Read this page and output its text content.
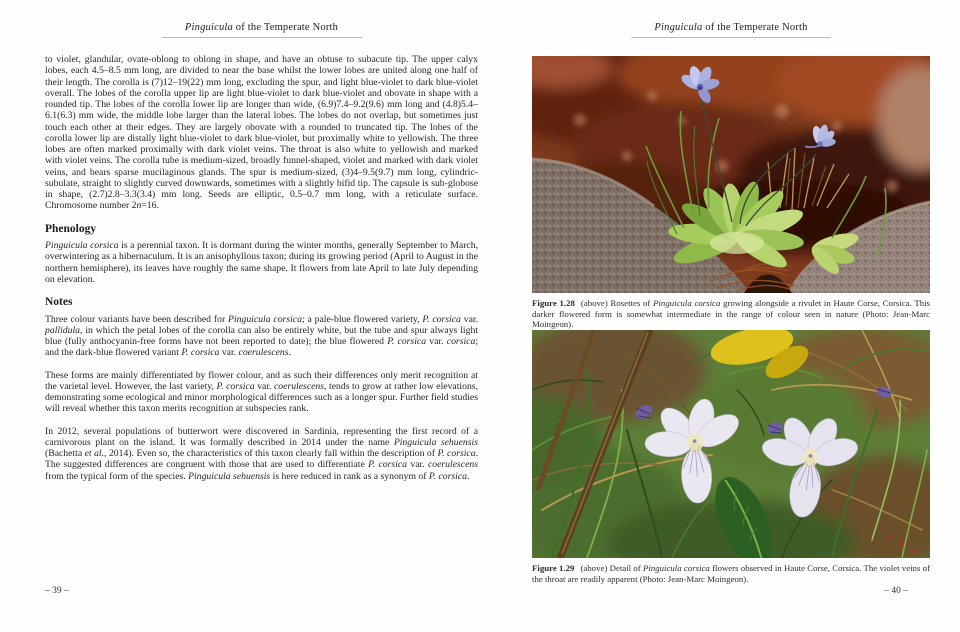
Pinguicula of the Temperate North

to violet, glandular, ovate-oblong to oblong in shape, and have an obtuse to subacute tip. The upper calyx lobes, each 4.5–8.5 mm long, are divided to near the base whilst the lower lobes are united along one half of their length. The corolla is (7)12–19(22) mm long, excluding the spur, and light blue-violet to dark blue-violet overall. The lobes of the corolla upper lip are light blue-violet to dark blue-violet and obovate in shape with a rounded tip. The lobes of the corolla lower lip are longer than wide, (6.9)7.4–9.2(9.6) mm long and (4.8)5.4–6.1(6.3) mm wide, the middle lobe larger than the lateral lobes. The lobes do not overlap, but sometimes just touch each other at their edges. They are largely obovate with a rounded to truncated tip. The lobes of the corolla lower lip are distally light blue-violet to dark blue-violet, but proximally white to yellowish. The three lobes are often marked proximally with dark violet veins. The throat is also white to yellowish and marked with violet veins. The corolla tube is medium-sized, broadly funnel-shaped, violet and marked with dark violet veins, and bears sparse mucilaginous glands. The spur is medium-sized, (3)4–9.5(9.7) mm long, cylindric-subulate, straight to slightly curved downwards, sometimes with a slightly bifid tip. The capsule is sub-globose in shape, (2.7)2.8–3.3(3.4) mm long. Seeds are elliptic, 0.5–0.7 mm long, with a reticulate surface. Chromosome number 2n=16.

Phenology

Pinguicula corsica is a perennial taxon. It is dormant during the winter months, generally September to March, overwintering as a hibernaculum. It is an anisophyllous taxon; during its growing period (April to August in the northern hemisphere), its leaves have roughly the same shape. It flowers from late April to late July depending on elevation.

Notes

Three colour variants have been described for Pinguicula corsica; a pale-blue flowered variety, P. corsica var. pallidula, in which the petal lobes of the corolla can also be entirely white, but the tube and spur always light blue (fully anthocyanin-free forms have not been reported to date); the blue flowered P. corsica var. corsica; and the dark-blue flowered variant P. corsica var. coerulescens.

These forms are mainly differentiated by flower colour, and as such their differences only merit recognition at the varietal level. However, the last variety, P. corsica var. coerulescens, tends to grow at rather low elevations, demonstrating some ecological and minor morphological differences such as a longer spur. Further field studies will reveal whether this taxon merits recognition at subspecies rank.

In 2012, several populations of butterwort were discovered in Sardinia, representing the first record of a carnivorous plant on the island. It was formally described in 2014 under the name Pinguicula sehuensis (Bachetta et al., 2014). Even so, the characteristics of this taxon clearly fall within the description of P. corsica. The suggested differences are congruent with those that are used to differentiate P. corsica var. coerulescens from the typical form of the species. Pinguicula sehuensis is here reduced in rank as a synonym of P. corsica.

– 39 –
Pinguicula of the Temperate North
Figure 1.28 (above) Rosettes of Pinguicula corsica growing alongside a rivulet in Haute Corse, Corsica. This darker flowered form is somewhat intermediate in the range of colour seen in nature (Photo: Jean-Marc Moingeon).
Figure 1.29 (above) Detail of Pinguicula corsica flowers observed in Haute Corse, Corsica. The violet veins of the throat are readily apparent (Photo: Jean-Marc Moingeon).
– 40 –
